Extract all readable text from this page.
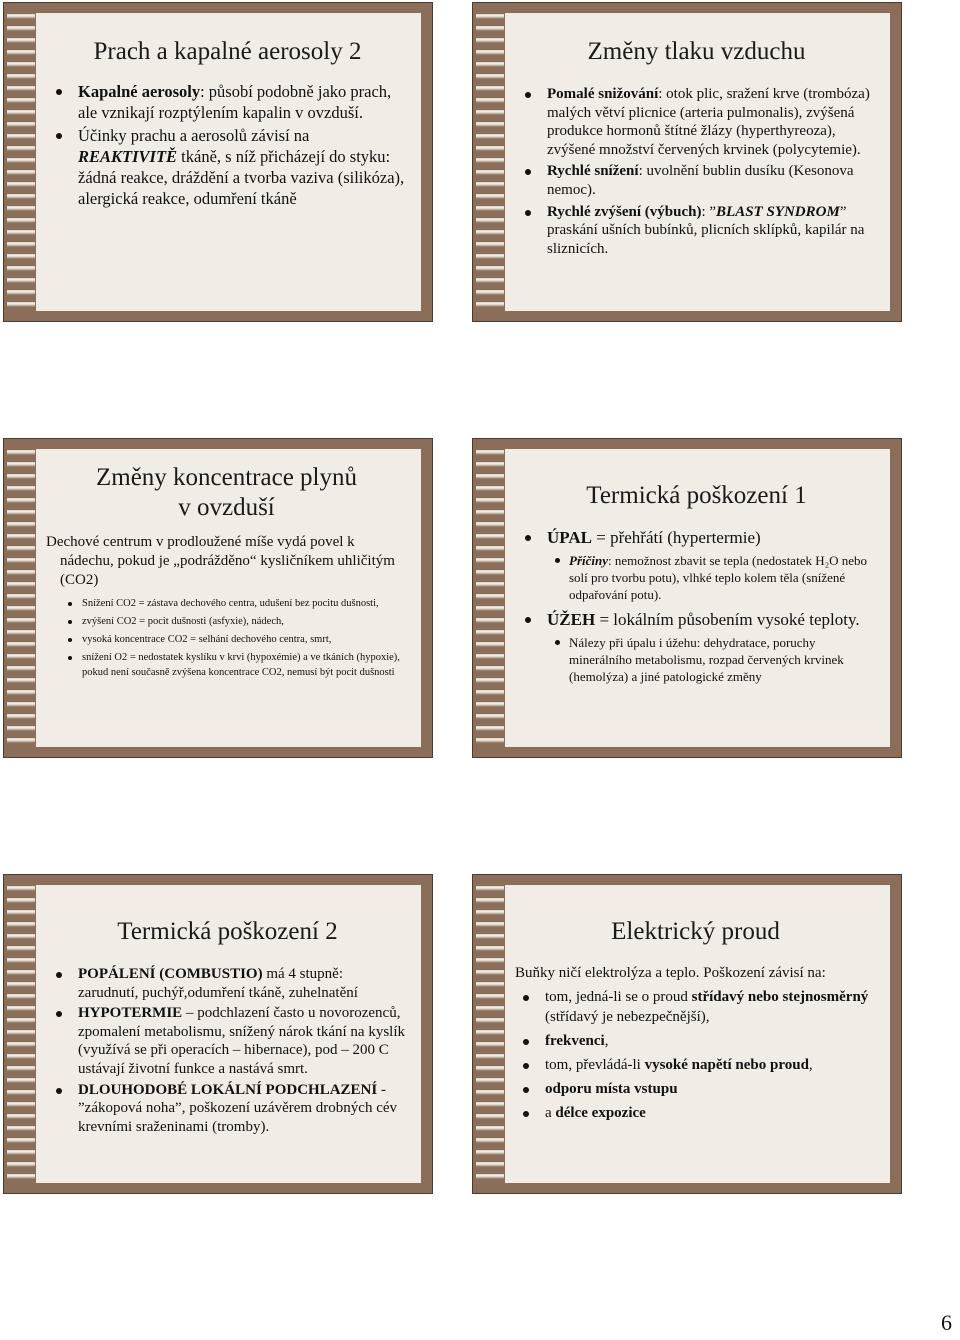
Prach a kapalné aerosoly 2
Kapalné aerosoly: působí podobně jako prach, ale vznikají rozptýlením kapalin v ovzduší.
Účinky prachu a aerosolů závisí na REAKTIVITĚ tkáně, s níž přicházejí do styku: žádná reakce, dráždění a tvorba vaziva (silikóza), alergická reakce, odumření tkáně
Změny tlaku vzduchu
Pomalé snižování: otok plic, sražení krve (trombóza) malých větví plicnice (arteria pulmonalis), zvýšená produkce hormonů štítné žlázy (hyperthyreoza), zvýšené množství červených krvinek (polycytemie).
Rychlé snížení: uvolnění bublin dusíku (Kesonova nemoc).
Rychlé zvýšení (výbuch): ”BLAST SYNDROM” praskání ušních bubínků, plicních sklípků, kapilár na sliznicích.
Změny koncentrace plynů
v ovzduší
Dechové centrum v prodloužené míše vydá povel k nádechu, pokud je „podrážděno“ kysličníkem uhličitým (CO2)
Snížení CO2 = zástava dechového centra, udušení bez pocitu dušnosti,
zvýšení CO2 = pocit dušnosti (asfyxie), nádech,
vysoká koncentrace CO2 = selhání dechového centra, smrt,
snížení O2 = nedostatek kyslíku v krvi (hypoxémie) a ve tkáních (hypoxie), pokud není současně zvýšena koncentrace CO2, nemusí být pocit dušnosti
Termická poškození 1
ÚPAL = přehřátí (hypertermie)
Příčiny: nemožnost zbavit se tepla (nedostatek H₂O nebo solí pro tvorbu potu), vlhké teplo kolem těla (snížené odpařování potu).
ÚŽEH = lokálním působením vysoké teploty.
Nálezy při úpalu i úžehu: dehydratace, poruchy minerálního metabolismu, rozpad červených krvinek (hemolýza) a jiné patologické změny
Termická poškození 2
POPÁLENÍ (COMBUSTIO) má 4 stupně: zarudnutí, puchýř,odumření tkáně, zuhelnatění
HYPOTERMIE – podchlazení často u novorozenců, zpomalení metabolismu, snížený nárok tkání na kyslík (využívá se při operacích – hibernace), pod – 200 C ustávají životní funkce a nastává smrt.
DLOUHODOBÉ LOKÁLNÍ PODCHLAZENÍ - ”zákopová noha”, poškození uzávěrem drobných cév krevními sraženinami (tromby).
Elektrický proud
Buňky ničí elektrolýza a teplo. Poškození závisí na:
tom, jedná-li se o proud střídavý nebo stejnosměrný (střídavý je nebezpečnější),
frekvenci,
tom, převládá-li vysoké napětí nebo proud,
odporu místa vstupu
a délce expozice
6
